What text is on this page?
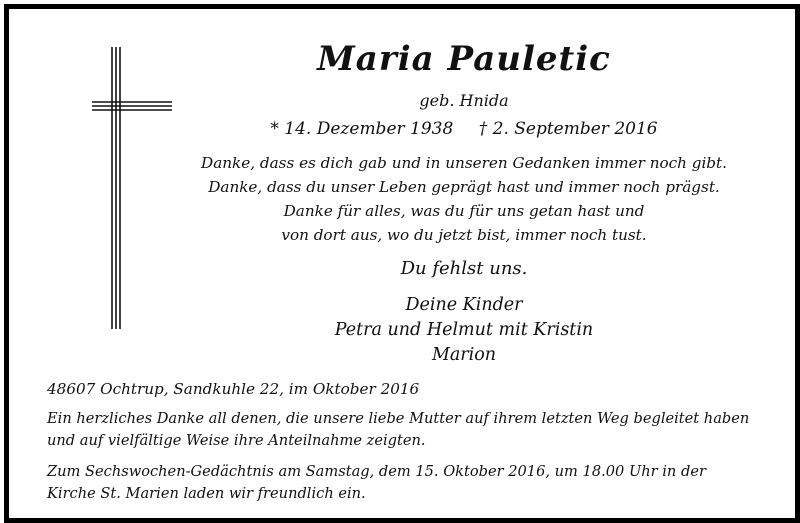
Maria Pauletic
geb. Hnida
* 14. Dezember 1938 † 2. September 2016
Danke, dass es dich gab und in unseren Gedanken immer noch gibt.
Danke, dass du unser Leben geprägt hast und immer noch prägst.
Danke für alles, was du für uns getan hast und
von dort aus, wo du jetzt bist, immer noch tust.
Du fehlst uns.
Deine Kinder
Petra und Helmut mit Kristin
Marion
48607 Ochtrup, Sandkuhle 22, im Oktober 2016
Ein herzliches Danke all denen, die unsere liebe Mutter auf ihrem letzten Weg begleitet haben
und auf vielfältige Weise ihre Anteilnahme zeigten.
Zum Sechswochen-Gedächtnis am Samstag, dem 15. Oktober 2016, um 18.00 Uhr in der
Kirche St. Marien laden wir freundlich ein.
